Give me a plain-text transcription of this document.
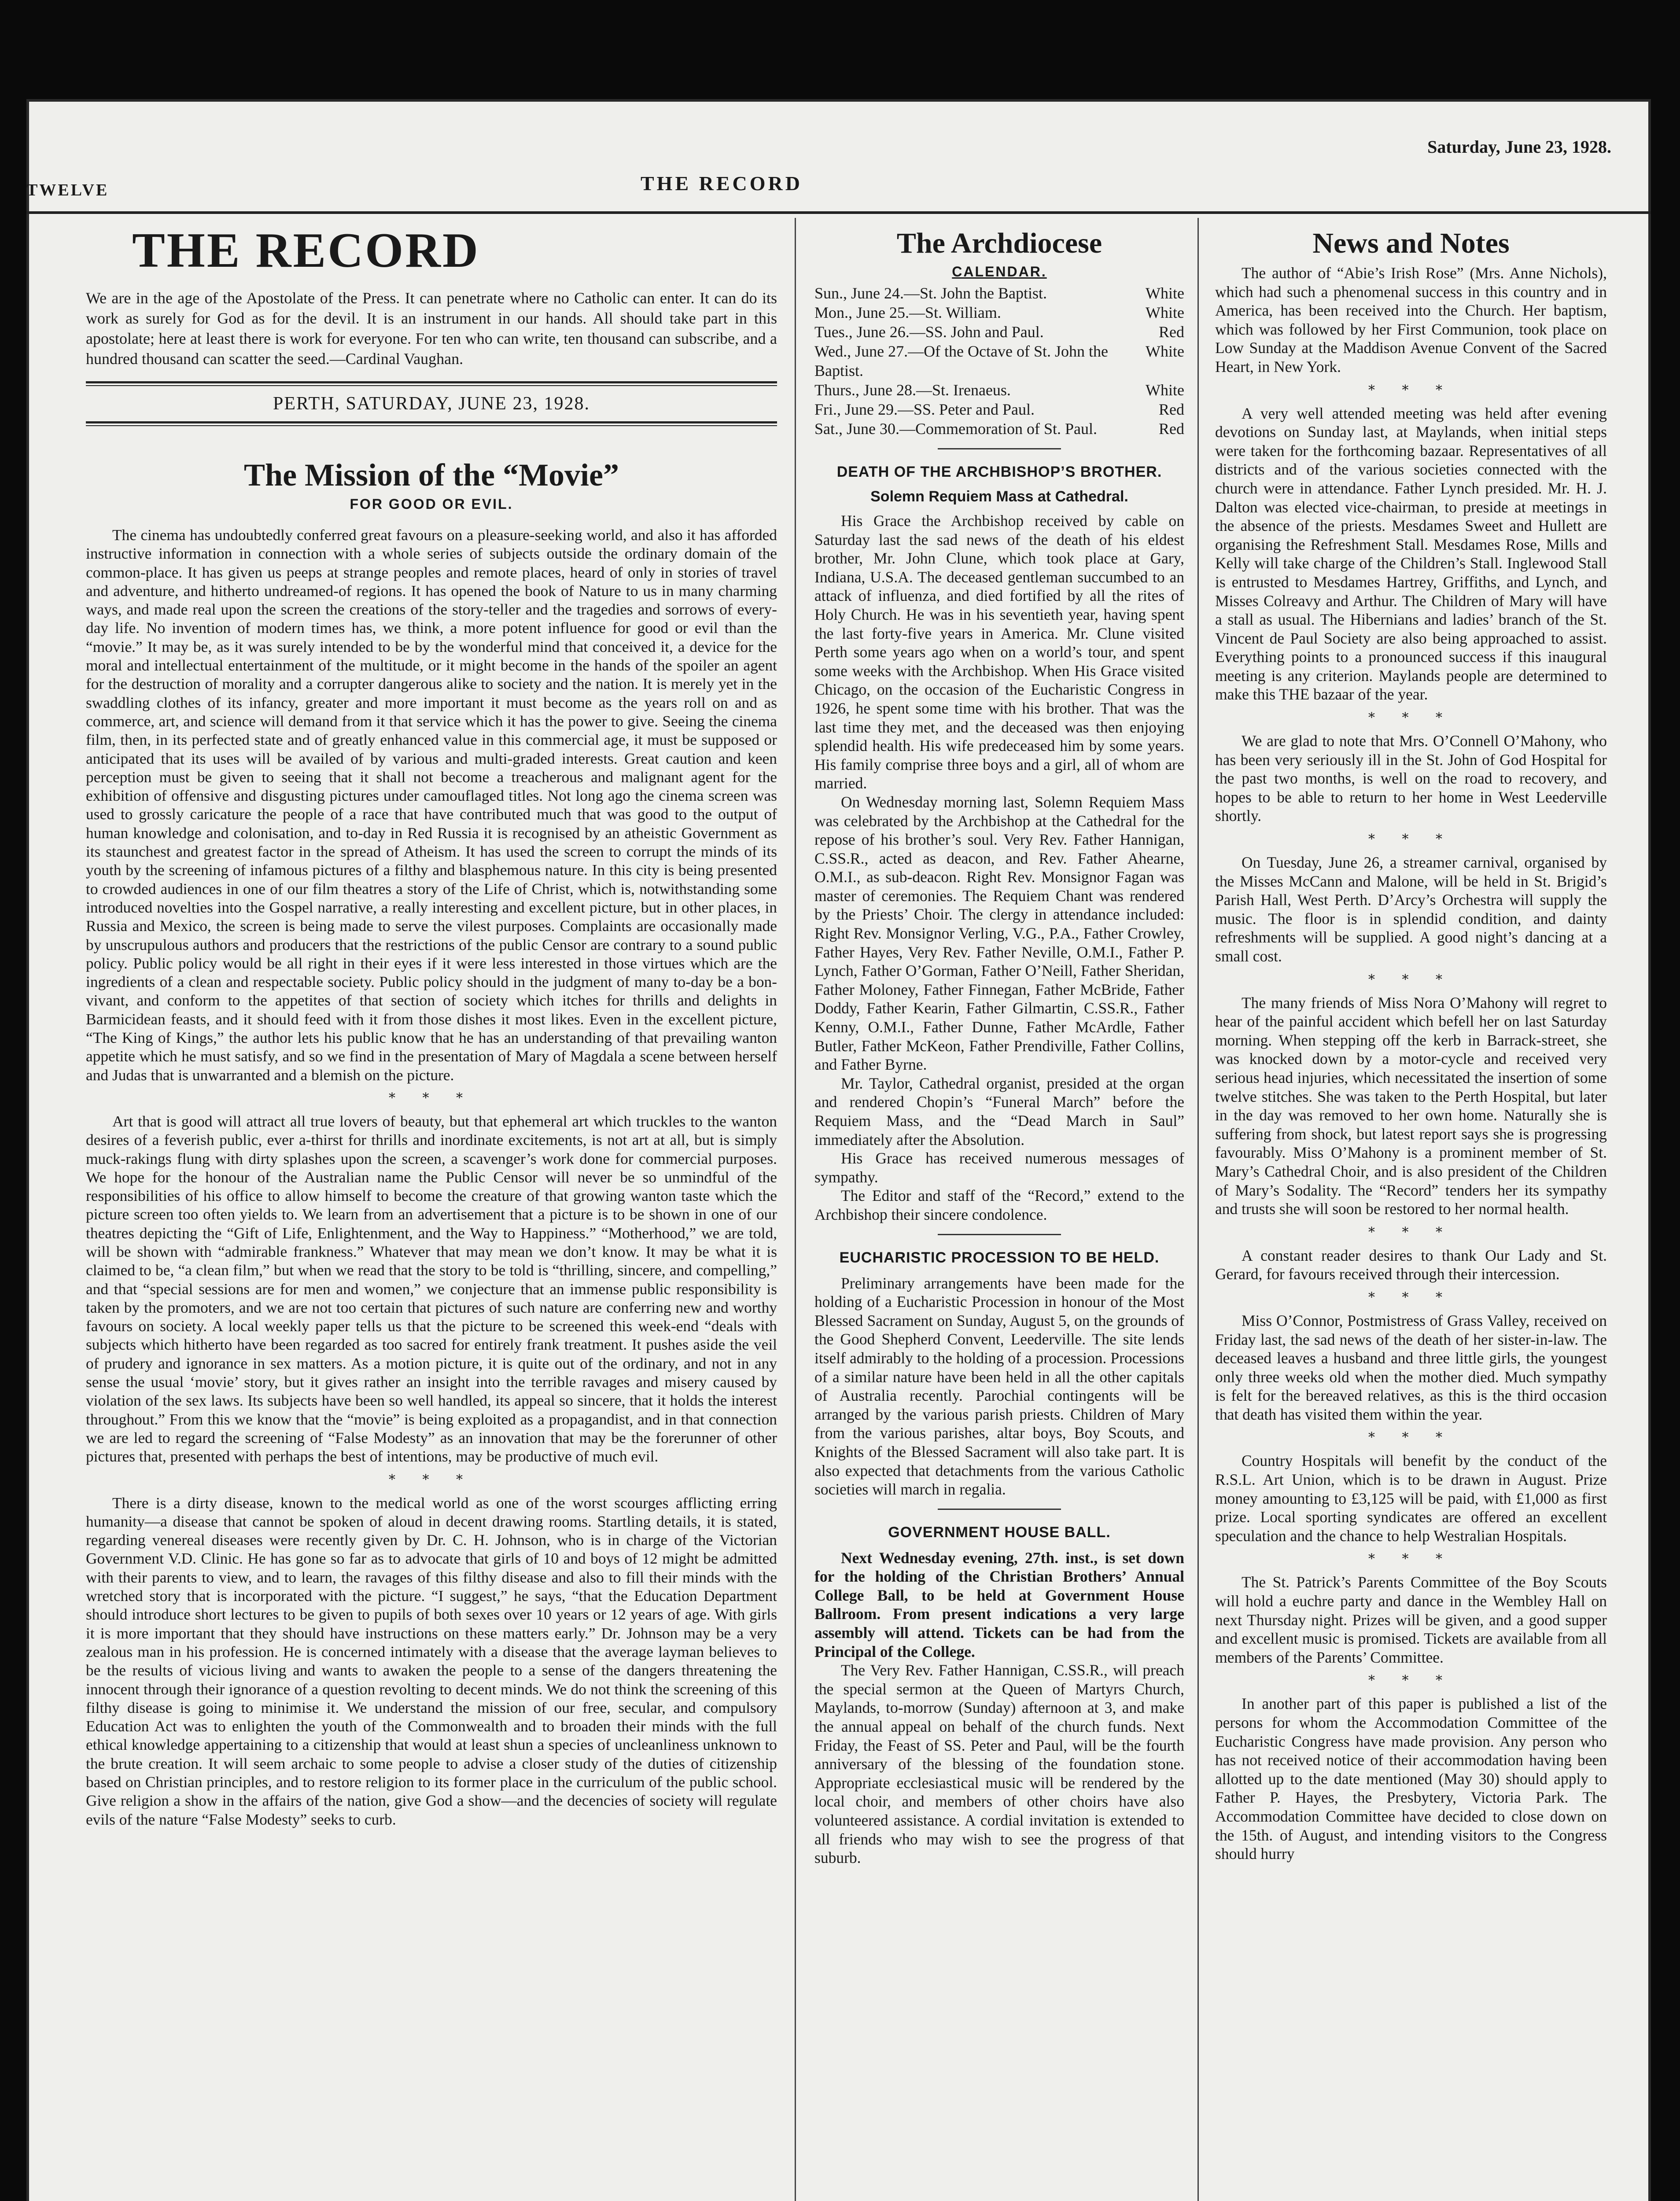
TWELVE	THE RECORD
Saturday, June 23, 1928.
THE RECORD
We are in the age of the Apostolate of the Press. It can penetrate where no Catholic can enter. It can do its work as surely for God as for the devil. It is an instrument in our hands. All should take part in this apostolate; here at least there is work for everyone. For ten who can write, ten thousand can subscribe, and a hundred thousand can scatter the seed.—Cardinal Vaughan.
PERTH, SATURDAY, JUNE 23, 1928.
The Mission of the “Movie”
FOR GOOD OR EVIL.

The cinema has undoubtedly conferred great favours on a pleasure-seeking world, and also it has afforded instructive information in connection with a whole series of subjects outside the ordinary domain of the common-place. It has given us peeps at strange peoples and remote places, heard of only in stories of travel and adventure, and hitherto undreamed-of regions. It has opened the book of Nature to us in many charming ways, and made real upon the screen the creations of the story-teller and the tragedies and sorrows of every-day life. No invention of modern times has, we think, a more potent influence for good or evil than the “movie.” It may be, as it was surely intended to be by the wonderful mind that conceived it, a device for the moral and intellectual entertainment of the multitude, or it might become in the hands of the spoiler an agent for the destruction of morality and a corrupter dangerous alike to society and the nation. It is merely yet in the swaddling clothes of its infancy, greater and more important it must become as the years roll on and as commerce, art, and science will demand from it that service which it has the power to give. Seeing the cinema film, then, in its perfected state and of greatly enhanced value in this commercial age, it must be supposed or anticipated that its uses will be availed of by various and multi-graded interests. Great caution and keen perception must be given to seeing that it shall not become a treacherous and malignant agent for the exhibition of offensive and disgusting pictures under camouflaged titles. Not long ago the cinema screen was used to grossly caricature the people of a race that have contributed much that was good to the output of human knowledge and colonisation, and to-day in Red Russia it is recognised by an atheistic Government as its staunchest and greatest factor in the spread of Atheism. It has used the screen to corrupt the minds of its youth by the screening of infamous pictures of a filthy and blasphemous nature. In this city is being presented to crowded audiences in one of our film theatres a story of the Life of Christ, which is, notwithstanding some introduced novelties into the Gospel narrative, a really interesting and excellent picture, but in other places, in Russia and Mexico, the screen is being made to serve the vilest purposes. Complaints are occasionally made by unscrupulous authors and producers that the restrictions of the public Censor are contrary to a sound public policy. Public policy would be all right in their eyes if it were less interested in those virtues which are the ingredients of a clean and respectable society. Public policy should in the judgment of many to-day be a bon-vivant, and conform to the appetites of that section of society which itches for thrills and delights in Barmicidean feasts, and it should feed with it from those dishes it most likes. Even in the excellent picture, “The King of Kings,” the author lets his public know that he has an understanding of that prevailing wanton appetite which he must satisfy, and so we find in the presentation of Mary of Magdala a scene between herself and Judas that is unwarranted and a blemish on the picture.

* * *

Art that is good will attract all true lovers of beauty, but that ephemeral art which truckles to the wanton desires of a feverish public, ever a-thirst for thrills and inordinate excitements, is not art at all, but is simply muck-rakings flung with dirty splashes upon the screen, a scavenger’s work done for commercial purposes. We hope for the honour of the Australian name the Public Censor will never be so unmindful of the responsibilities of his office to allow himself to become the creature of that growing wanton taste which the picture screen too often yields to. We learn from an advertisement that a picture is to be shown in one of our theatres depicting the “Gift of Life, Enlightenment, and the Way to Happiness.” “Motherhood,” we are told, will be shown with “admirable frankness.” Whatever that may mean we don’t know. It may be what it is claimed to be, “a clean film,” but when we read that the story to be told is “thrilling, sincere, and compelling,” and that “special sessions are for men and women,” we conjecture that an immense public responsibility is taken by the promoters, and we are not too certain that pictures of such nature are conferring new and worthy favours on society. A local weekly paper tells us that the picture to be screened this week-end “deals with subjects which hitherto have been regarded as too sacred for entirely frank treatment. It pushes aside the veil of prudery and ignorance in sex matters. As a motion picture, it is quite out of the ordinary, and not in any sense the usual ‘movie’ story, but it gives rather an insight into the terrible ravages and misery caused by violation of the sex laws. Its subjects have been so well handled, its appeal so sincere, that it holds the interest throughout.” From this we know that the “movie” is being exploited as a propagandist, and in that connection we are led to regard the screening of “False Modesty” as an innovation that may be the forerunner of other pictures that, presented with perhaps the best of intentions, may be productive of much evil.

* * *

There is a dirty disease, known to the medical world as one of the worst scourges afflicting erring humanity—a disease that cannot be spoken of aloud in decent drawing rooms. Startling details, it is stated, regarding venereal diseases were recently given by Dr. C. H. Johnson, who is in charge of the Victorian Government V.D. Clinic. He has gone so far as to advocate that girls of 10 and boys of 12 might be admitted with their parents to view, and to learn, the ravages of this filthy disease and also to fill their minds with the wretched story that is incorporated with the picture. “I suggest,” he says, “that the Education Department should introduce short lectures to be given to pupils of both sexes over 10 years or 12 years of age. With girls it is more important that they should have instructions on these matters early.” Dr. Johnson may be a very zealous man in his profession. He is concerned intimately with a disease that the average layman believes to be the results of vicious living and wants to awaken the people to a sense of the dangers threatening the innocent through their ignorance of a question revolting to decent minds. We do not think the screening of this filthy disease is going to minimise it. We understand the mission of our free, secular, and compulsory Education Act was to enlighten the youth of the Commonwealth and to broaden their minds with the full ethical knowledge appertaining to a citizenship that would at least shun a species of uncleanliness unknown to the brute creation. It will seem archaic to some people to advise a closer study of the duties of citizenship based on Christian principles, and to restore religion to its former place in the curriculum of the public school. Give religion a show in the affairs of the nation, give God a show—and the decencies of society will regulate evils of the nature “False Modesty” seeks to curb.

The Archdiocese
CALENDAR.
Sun., June 24.—St. John the Baptist.	White
Mon., June 25.—St. William.	White
Tues., June 26.—SS. John and Paul.	Red
Wed., June 27.—Of the Octave of St. John the Baptist.
White
Thurs., June 28.—St. Irenaeus.	White
Fri., June 29.—SS. Peter and Paul.	Red
Sat., June 30.—Commemoration of St. Paul.	Red
DEATH OF THE ARCHBISHOP’S BROTHER.
Solemn Requiem Mass at Cathedral.

His Grace the Archbishop received by cable on Saturday last the sad news of the death of his eldest brother, Mr. John Clune, which took place at Gary, Indiana, U.S.A. The deceased gentleman succumbed to an attack of influenza, and died fortified by all the rites of Holy Church. He was in his seventieth year, having spent the last forty-five years in America. Mr. Clune visited Perth some years ago when on a world’s tour, and spent some weeks with the Archbishop. When His Grace visited Chicago, on the occasion of the Eucharistic Congress in 1926, he spent some time with his brother. That was the last time they met, and the deceased was then enjoying splendid health. His wife predeceased him by some years. His family comprise three boys and a girl, all of whom are married.

On Wednesday morning last, Solemn Requiem Mass was celebrated by the Archbishop at the Cathedral for the repose of his brother’s soul. Very Rev. Father Hannigan, C.SS.R., acted as deacon, and Rev. Father Ahearne, O.M.I., as sub-deacon. Right Rev. Monsignor Fagan was master of ceremonies. The Requiem Chant was rendered by the Priests’ Choir. The clergy in attendance included: Right Rev. Monsignor Verling, V.G., P.A., Father Crowley, Father Hayes, Very Rev. Father Neville, O.M.I., Father P. Lynch, Father O’Gorman, Father O’Neill, Father Sheridan, Father Moloney, Father Finnegan, Father McBride, Father Doddy, Father Kearin, Father Gilmartin, C.SS.R., Father Kenny, O.M.I., Father Dunne, Father McArdle, Father Butler, Father McKeon, Father Prendiville, Father Collins, and Father Byrne.

Mr. Taylor, Cathedral organist, presided at the organ and rendered Chopin’s “Funeral March” before the Requiem Mass, and the “Dead March in Saul” immediately after the Absolution.

His Grace has received numerous messages of sympathy.

The Editor and staff of the “Record,” extend to the Archbishop their sincere condolence.

EUCHARISTIC PROCESSION TO BE HELD.

Preliminary arrangements have been made for the holding of a Eucharistic Procession in honour of the Most Blessed Sacrament on Sunday, August 5, on the grounds of the Good Shepherd Convent, Leederville. The site lends itself admirably to the holding of a procession. Processions of a similar nature have been held in all the other capitals of Australia recently. Parochial contingents will be arranged by the various parish priests. Children of Mary from the various parishes, altar boys, Boy Scouts, and Knights of the Blessed Sacrament will also take part. It is also expected that detachments from the various Catholic societies will march in regalia.

GOVERNMENT HOUSE BALL.

Next Wednesday evening, 27th. inst., is set down for the holding of the Christian Brothers’ Annual College Ball, to be held at Government House Ballroom. From present indications a very large assembly will attend. Tickets can be had from the Principal of the College.

The Very Rev. Father Hannigan, C.SS.R., will preach the special sermon at the Queen of Martyrs Church, Maylands, to-morrow (Sunday) afternoon at 3, and make the annual appeal on behalf of the church funds. Next Friday, the Feast of SS. Peter and Paul, will be the fourth anniversary of the blessing of the foundation stone. Appropriate ecclesiastical music will be rendered by the local choir, and members of other choirs have also volunteered assistance. A cordial invitation is extended to all friends who may wish to see the progress of that suburb.

News and Notes

The author of “Abie’s Irish Rose” (Mrs. Anne Nichols), which had such a phenomenal success in this country and in America, has been received into the Church. Her baptism, which was followed by her First Communion, took place on Low Sunday at the Maddison Avenue Convent of the Sacred Heart, in New York.

* * *

A very well attended meeting was held after evening devotions on Sunday last, at Maylands, when initial steps were taken for the forthcoming bazaar. Representatives of all districts and of the various societies connected with the church were in attendance. Father Lynch presided. Mr. H. J. Dalton was elected vice-chairman, to preside at meetings in the absence of the priests. Mesdames Sweet and Hullett are organising the Refreshment Stall. Mesdames Rose, Mills and Kelly will take charge of the Children’s Stall. Inglewood Stall is entrusted to Mesdames Hartrey, Griffiths, and Lynch, and Misses Colreavy and Arthur. The Children of Mary will have a stall as usual. The Hibernians and ladies’ branch of the St. Vincent de Paul Society are also being approached to assist. Everything points to a pronounced success if this inaugural meeting is any criterion. Maylands people are determined to make this THE bazaar of the year.

* * *

We are glad to note that Mrs. O’Connell O’Mahony, who has been very seriously ill in the St. John of God Hospital for the past two months, is well on the road to recovery, and hopes to be able to return to her home in West Leederville shortly.

* * *

On Tuesday, June 26, a streamer carnival, organised by the Misses McCann and Malone, will be held in St. Brigid’s Parish Hall, West Perth. D’Arcy’s Orchestra will supply the music. The floor is in splendid condition, and dainty refreshments will be supplied. A good night’s dancing at a small cost.

* * *

The many friends of Miss Nora O’Mahony will regret to hear of the painful accident which befell her on last Saturday morning. When stepping off the kerb in Barrack-street, she was knocked down by a motor-cycle and received very serious head injuries, which necessitated the insertion of some twelve stitches. She was taken to the Perth Hospital, but later in the day was removed to her own home. Naturally she is suffering from shock, but latest report says she is progressing favourably. Miss O’Mahony is a prominent member of St. Mary’s Cathedral Choir, and is also president of the Children of Mary’s Sodality. The “Record” tenders her its sympathy and trusts she will soon be restored to her normal health.

* * *

A constant reader desires to thank Our Lady and St. Gerard, for favours received through their intercession.

* * *

Miss O’Connor, Postmistress of Grass Valley, received on Friday last, the sad news of the death of her sister-in-law. The deceased leaves a husband and three little girls, the youngest only three weeks old when the mother died. Much sympathy is felt for the bereaved relatives, as this is the third occasion that death has visited them within the year.

* * *

Country Hospitals will benefit by the conduct of the R.S.L. Art Union, which is to be drawn in August. Prize money amounting to £3,125 will be paid, with £1,000 as first prize. Local sporting syndicates are offered an excellent speculation and the chance to help Westralian Hospitals.

* * *

The St. Patrick’s Parents Committee of the Boy Scouts will hold a euchre party and dance in the Wembley Hall on next Thursday night. Prizes will be given, and a good supper and excellent music is promised. Tickets are available from all members of the Parents’ Committee.

* * *

In another part of this paper is published a list of the persons for whom the Accommodation Committee of the Eucharistic Congress have made provision. Any person who has not received notice of their accommodation having been allotted up to the date mentioned (May 30) should apply to Father P. Hayes, the Presbytery, Victoria Park. The Accommodation Committee have decided to close down on the 15th. of August, and intending visitors to the Congress should hurry
